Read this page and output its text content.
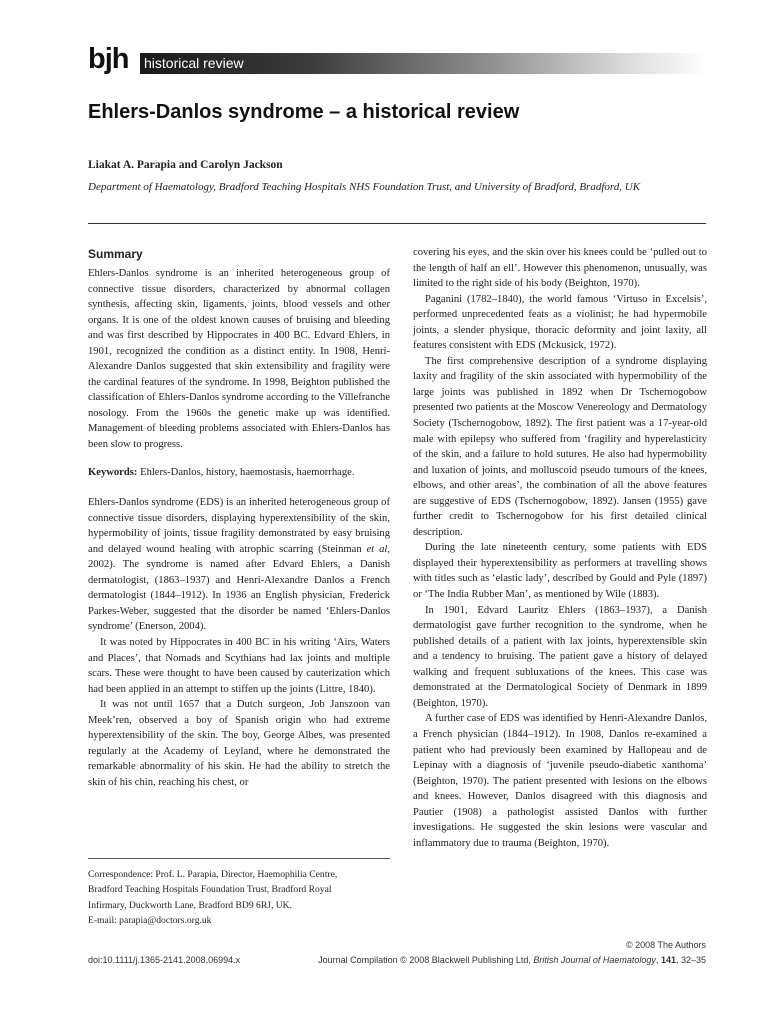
bjh historical review
Ehlers-Danlos syndrome – a historical review
Liakat A. Parapia and Carolyn Jackson
Department of Haematology, Bradford Teaching Hospitals NHS Foundation Trust, and University of Bradford, Bradford, UK
Summary

Ehlers-Danlos syndrome is an inherited heterogeneous group of connective tissue disorders, characterized by abnormal collagen synthesis, affecting skin, ligaments, joints, blood vessels and other organs. It is one of the oldest known causes of bruising and bleeding and was first described by Hippocrates in 400 BC. Edvard Ehlers, in 1901, recognized the condition as a distinct entity. In 1908, Henri-Alexandre Danlos suggested that skin extensibility and fragility were the cardinal features of the syndrome. In 1998, Beighton published the classification of Ehlers-Danlos syndrome according to the Villefranche nosology. From the 1960s the genetic make up was identified. Management of bleeding problems associated with Ehlers-Danlos has been slow to progress.

Keywords: Ehlers-Danlos, history, haemostasis, haemorrhage.

Ehlers-Danlos syndrome (EDS) is an inherited heterogeneous group of connective tissue disorders, displaying hyperextensibility of the skin, hypermobility of joints, tissue fragility demonstrated by easy bruising and delayed wound healing with atrophic scarring (Steinman et al, 2002). The syndrome is named after Edvard Ehlers, a Danish dermatologist, (1863–1937) and Henri-Alexandre Danlos a French dermatologist (1844–1912). In 1936 an English physician, Frederick Parkes-Weber, suggested that the disorder be named ‘Ehlers-Danlos syndrome’ (Enerson, 2004).

It was noted by Hippocrates in 400 BC in his writing ‘Airs, Waters and Places’, that Nomads and Scythians had lax joints and multiple scars. These were thought to have been caused by cauterization which had been applied in an attempt to stiffen up the joints (Littre, 1840).

It was not until 1657 that a Dutch surgeon, Job Janszoon van Meek’ren, observed a boy of Spanish origin who had extreme hyperextensibility of the skin. The boy, George Albes, was presented regularly at the Academy of Leyland, where he demonstrated the remarkable abnormality of his skin. He had the ability to stretch the skin of his chin, reaching his chest, or

Correspondence: Prof. L. Parapia, Director, Haemophilia Centre,
Bradford Teaching Hospitals Foundation Trust, Bradford Royal
Infirmary, Duckworth Lane, Bradford BD9 6RJ, UK.
E-mail: parapia@doctors.org.uk

covering his eyes, and the skin over his knees could be ‘pulled out to the length of half an ell’. However this phenomenon, unusually, was limited to the right side of his body (Beighton, 1970).

Paganini (1782–1840), the world famous ‘Virtuso in Excelsis’, performed unprecedented feats as a violinist; he had hypermobile joints, a slender physique, thoracic deformity and joint laxity, all features consistent with EDS (Mckusick, 1972).

The first comprehensive description of a syndrome displaying laxity and fragility of the skin associated with hypermobility of the large joints was published in 1892 when Dr Tschernogobow presented two patients at the Moscow Venereology and Dermatology Society (Tschernogobow, 1892). The first patient was a 17-year-old male with epilepsy who suffered from ‘fragility and hyperelasticity of the skin, and a failure to hold sutures. He also had hypermobility and luxation of joints, and molluscoid pseudo tumours of the knees, elbows, and other areas’, the combination of all the above features are suggestive of EDS (Tschernogobow, 1892). Jansen (1955) gave further credit to Tschernogobow for his first detailed clinical description.

During the late nineteenth century, some patients with EDS displayed their hyperextensibility as performers at travelling shows with titles such as ‘elastic lady’, described by Gould and Pyle (1897) or ‘The India Rubber Man’, as mentioned by Wile (1883).

In 1901, Edvard Lauritz Ehlers (1863–1937), a Danish dermatologist gave further recognition to the syndrome, when he published details of a patient with lax joints, hyperextensible skin and a tendency to bruising. The patient gave a history of delayed walking and frequent subluxations of the knees. This case was demonstrated at the Dermatological Society of Denmark in 1899 (Beighton, 1970).

A further case of EDS was identified by Henri-Alexandre Danlos, a French physician (1844–1912). In 1908, Danlos re-examined a patient who had previously been examined by Hallopeau and de Lepinay with a diagnosis of ‘juvenile pseudo-diabetic xanthoma’ (Beighton, 1970). The patient presented with lesions on the elbows and knees. However, Danlos disagreed with this diagnosis and Pautier (1908) a pathologist assisted Danlos with further investigations. He suggested the skin lesions were vascular and inflammatory due to trauma (Beighton, 1970).

© 2008 The Authors
doi:10.1111/j.1365-2141.2008.06994.x	Journal Compilation © 2008 Blackwell Publishing Ltd, British Journal of Haematology, 141, 32–35
